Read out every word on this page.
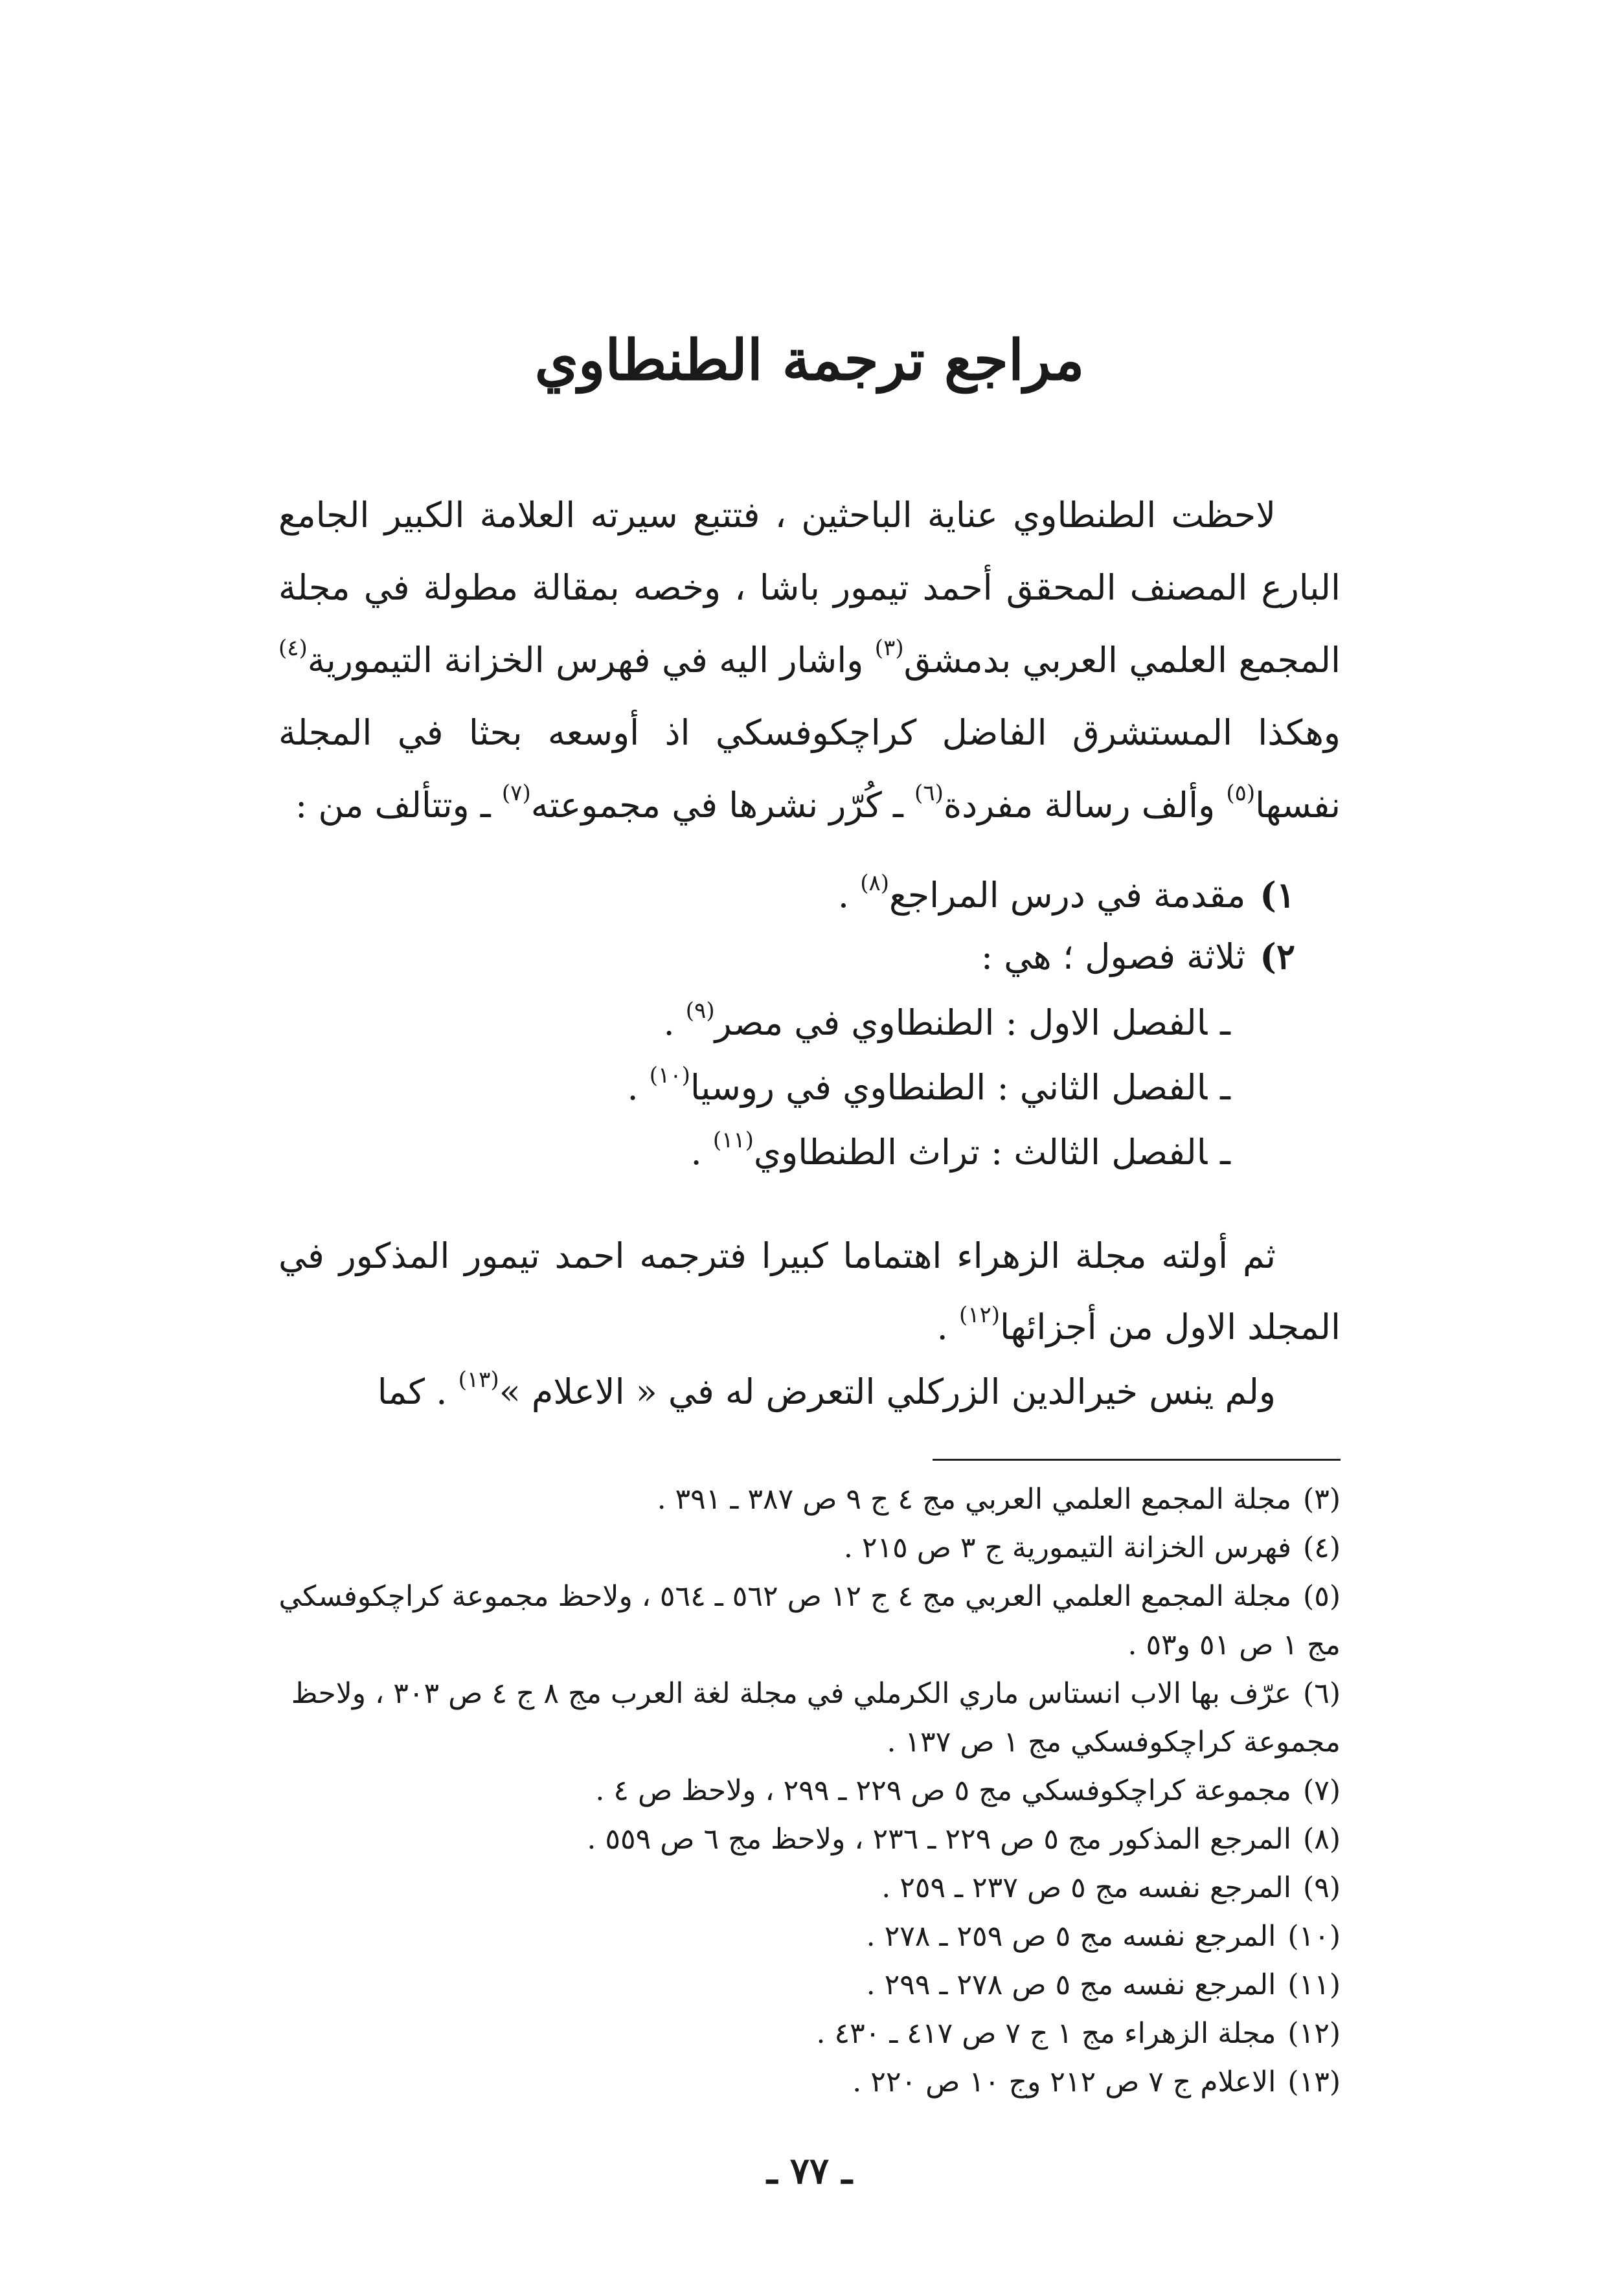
مراجع ترجمة الطنطاوي

لاحظت الطنطاوي عناية الباحثين ، فتتبع سيرته العلامة الكبير الجامع البارع المصنف المحقق أحمد تيمور باشا ، وخصه بمقالة مطولة في مجلة المجمع العلمي العربي بدمشق$^{(٣)}$ واشار اليه في فهرس الخزانة التيمورية$^{(٤)}$ وهكذا المستشرق الفاضل كراچكوفسكي اذ أوسعه بحثا في المجلة نفسها$^{(٥)}$ وألف رسالة مفردة$^{(٦)}$ ـ كُرّر نشرها في مجموعته$^{(٧)}$ ـ وتتألف من :

١)مقدمة في درس المراجع$^{(٨)}$ .
٢)ثلاثة فصول ؛ هي :
ـالفصل الاول : الطنطاوي في مصر$^{(٩)}$ .
ـالفصل الثاني : الطنطاوي في روسيا$^{(١٠)}$ .
ـالفصل الثالث : تراث الطنطاوي$^{(١١)}$ .

ثم أولته مجلة الزهراء اهتماما كبيرا فترجمه احمد تيمور المذكور في المجلد الاول من أجزائها$^{(١٢)}$ .

ولم ينس خيرالدين الزركلي التعرض له في « الاعلام »$^{(١٣)}$ . كما

(٣)مجلة المجمع العلمي العربي مج ٤ ج ٩ ص ٣٨٧ ـ ٣٩١ .
(٤)فهرس الخزانة التيمورية ج ٣ ص ٢١٥ .
(٥)مجلة المجمع العلمي العربي مج ٤ ج ١٢ ص ٥٦٢ ـ ٥٦٤ ، ولاحظ مجموعة كراچكوفسكي مج ١ ص ٥١ و٥٣ .
(٦)عرّف بها الاب انستاس ماري الكرملي في مجلة لغة العرب مج ٨ ج ٤ ص ٣٠٣ ، ولاحظ مجموعة كراچكوفسكي مج ١ ص ١٣٧ .
(٧)مجموعة كراچكوفسكي مج ٥ ص ٢٢٩ ـ ٢٩٩ ، ولاحظ ص ٤ .
(٨)المرجع المذكور مج ٥ ص ٢٢٩ ـ ٢٣٦ ، ولاحظ مج ٦ ص ٥٥٩ .
(٩)المرجع نفسه مج ٥ ص ٢٣٧ ـ ٢٥٩ .
(١٠)المرجع نفسه مج ٥ ص ٢٥٩ ـ ٢٧٨ .
(١١)المرجع نفسه مج ٥ ص ٢٧٨ ـ ٢٩٩ .
(١٢)مجلة الزهراء مج ١ ج ٧ ص ٤١٧ ـ ٤٣٠ .
(١٣)الاعلام ج ٧ ص ٢١٢ وج ١٠ ص ٢٢٠ .
ـ ٧٧ ـ
